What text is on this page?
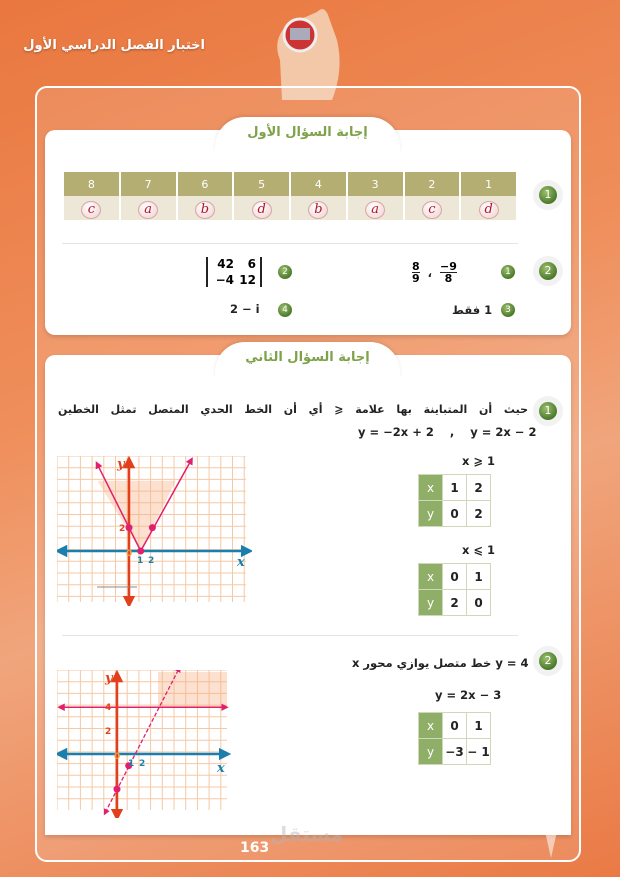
اختبار الفصل الدراسي الأول
إجابة السؤال الأول
1
8	7	6	5	4	3	2	1
c	a	b	d	b	a	c	d
2
1
$\frac{8}{9}$ ، $\frac{-9}{8}$
2
42	6
−4 12
3
1 فقط
4
2 − i
إجابة السؤال الثاني
1
حيث أن المتباينة بها علامة ⩽ أي أن الخط الحدي المتصل تمثل الخطين
y = −2x + 2    ,    y = 2x − 2
x ⩾ 1
x	1	2
y	0	2
x ⩽ 1
x	0	1
y	2	0
2
0
1 2	x
y
2
y = 4 خط متصل يوازي محور x
y = 2x − 3
x	0	1
y	−3	− 1
4
2
0
1 2	x
y
مستقل
163
